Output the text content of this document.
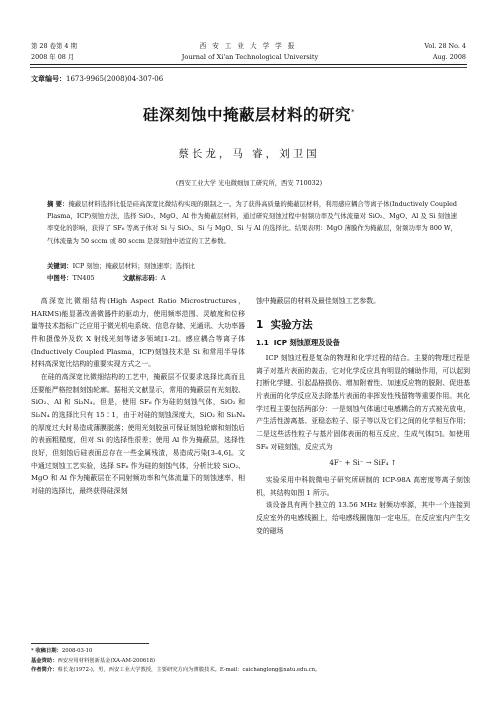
第 28 卷第 4 期
2008 年 08 月
西安工业大学学报
Journal of Xi'an Technological University
Vol. 28 No. 4
Aug. 2008
文章编号：1673-9965(2008)04-307-06
硅深刻蚀中掩蔽层材料的研究*
蔡长龙，马 睿，刘卫国
(西安工业大学 光电微细加工研究所，西安 710032)
摘 要：掩蔽层材料选择比低是硅高深宽比微结构实现的限制之一。为了获得高质量的掩蔽层材料，利用感应耦合等离子体(Inductively Coupled Plasma，ICP)刻蚀方法，选择 SiO₂、MgO、Al 作为掩蔽层材料，通过研究刻蚀过程中射频功率及气体流量对 SiO₂、MgO、Al 及 Si 刻蚀速率变化的影响，获得了 SF₆ 等离子体对 Si 与 SiO₂、Si 与 MgO、Si 与 Al 的选择比。结果表明：MgO 薄膜作为掩蔽层，射频功率为 800 W，气体流量为 50 sccm 或 80 sccm 是深刻蚀中适宜的工艺参数。
关键词：ICP 刻蚀；掩蔽层材料；刻蚀速率；选择比
中图号：TN405	文献标志码：A

高深宽比微细结构(High Aspect Ratio Microstructures，HARMS)能显著改善微器件的驱动力，使用频率范围、灵敏度和位移量等技术指标广泛应用于微光机电系统、信息存储、光通讯、大功率器件和摄像外及软 X 射线光刻等诸多领域[1-2]。感应耦合等离子体(Inductively Coupled Plasma，ICP)刻蚀技术是 Si 和常用半导体材料高深宽比结构的重要实现方式之一。

在硅的高深宽比微细结构的工艺中，掩蔽层不仅要求选择比高而且还要能严格控制刻蚀轮廓。据相关文献显示，常用的掩蔽层有光刻胶、SiO₂、Al 和 Si₃N₄。但是，使用 SF₆ 作为硅的刻蚀气体，SiO₂ 和 Si₃N₄ 的选择比只有 15∶1，由于对硅的刻蚀深度大，SiO₂ 和 Si₃N₄ 的厚度过大时易造成薄膜脱落；使用光刻胶虽可保证刻蚀轮廓和刻蚀后的表面粗糙度，但对 Si 的选择性很差；使用 Al 作为掩蔽层，选择性良好，但刻蚀后硅表面总存在一些金属残渣，易造成污染[3-4,6]。文中通过刻蚀工艺实验，选择 SF₆ 作为硅的刻蚀气体，分析比较 SiO₂、MgO 和 Al 作为掩蔽层在不同射频功率和气体流量下的刻蚀速率，相对硅的选择比，最终获得硅深刻

蚀中掩蔽层的材料及最佳刻蚀工艺参数。
1 实验方法
1.1 ICP 刻蚀原理及设备

ICP 刻蚀过程是复杂的物理和化学过程的结合。主要的物理过程是离子对基片表面的轰击，它对化学反应具有明显的辅助作用，可以起到打断化学键、引起晶格损伤、增加附着性、加速反应物的脱附、促进基片表面的化学反应及去除基片表面的非挥发性残留物等重要作用。其化学过程主要包括两部分：一是刻蚀气体通过电感耦合的方式被光放电，产生活性游离基、亚稳态粒子、原子等以及它们之间的化学相互作用；二是这些活性粒子与基片固体表面的相互反应，生成气体[5]。如使用 SF₆ 对硅刻蚀，反应式为

4F⁻ + Si⁻ → SiF₄ ↑

实验采用中科院微电子研究所研制的 ICP-98A 高密度等离子刻蚀机，其结构如图 1 所示。

该设备具有两个独立的 13.56 MHz 射频功率源，其中一个连接到反应室外的电感线圈上，给电感线圈施加一定电压，在反应室内产生交变的磁场

* 收稿日期：2008-03-10
基金资助：西安应用材料创新基金(XA-AM-200618)
作者简介：蔡长龙(1972-)，男，西安工业大学教授，主要研究方向为薄膜技术。E-mail：caichanglong@xatu.edu.cn。
